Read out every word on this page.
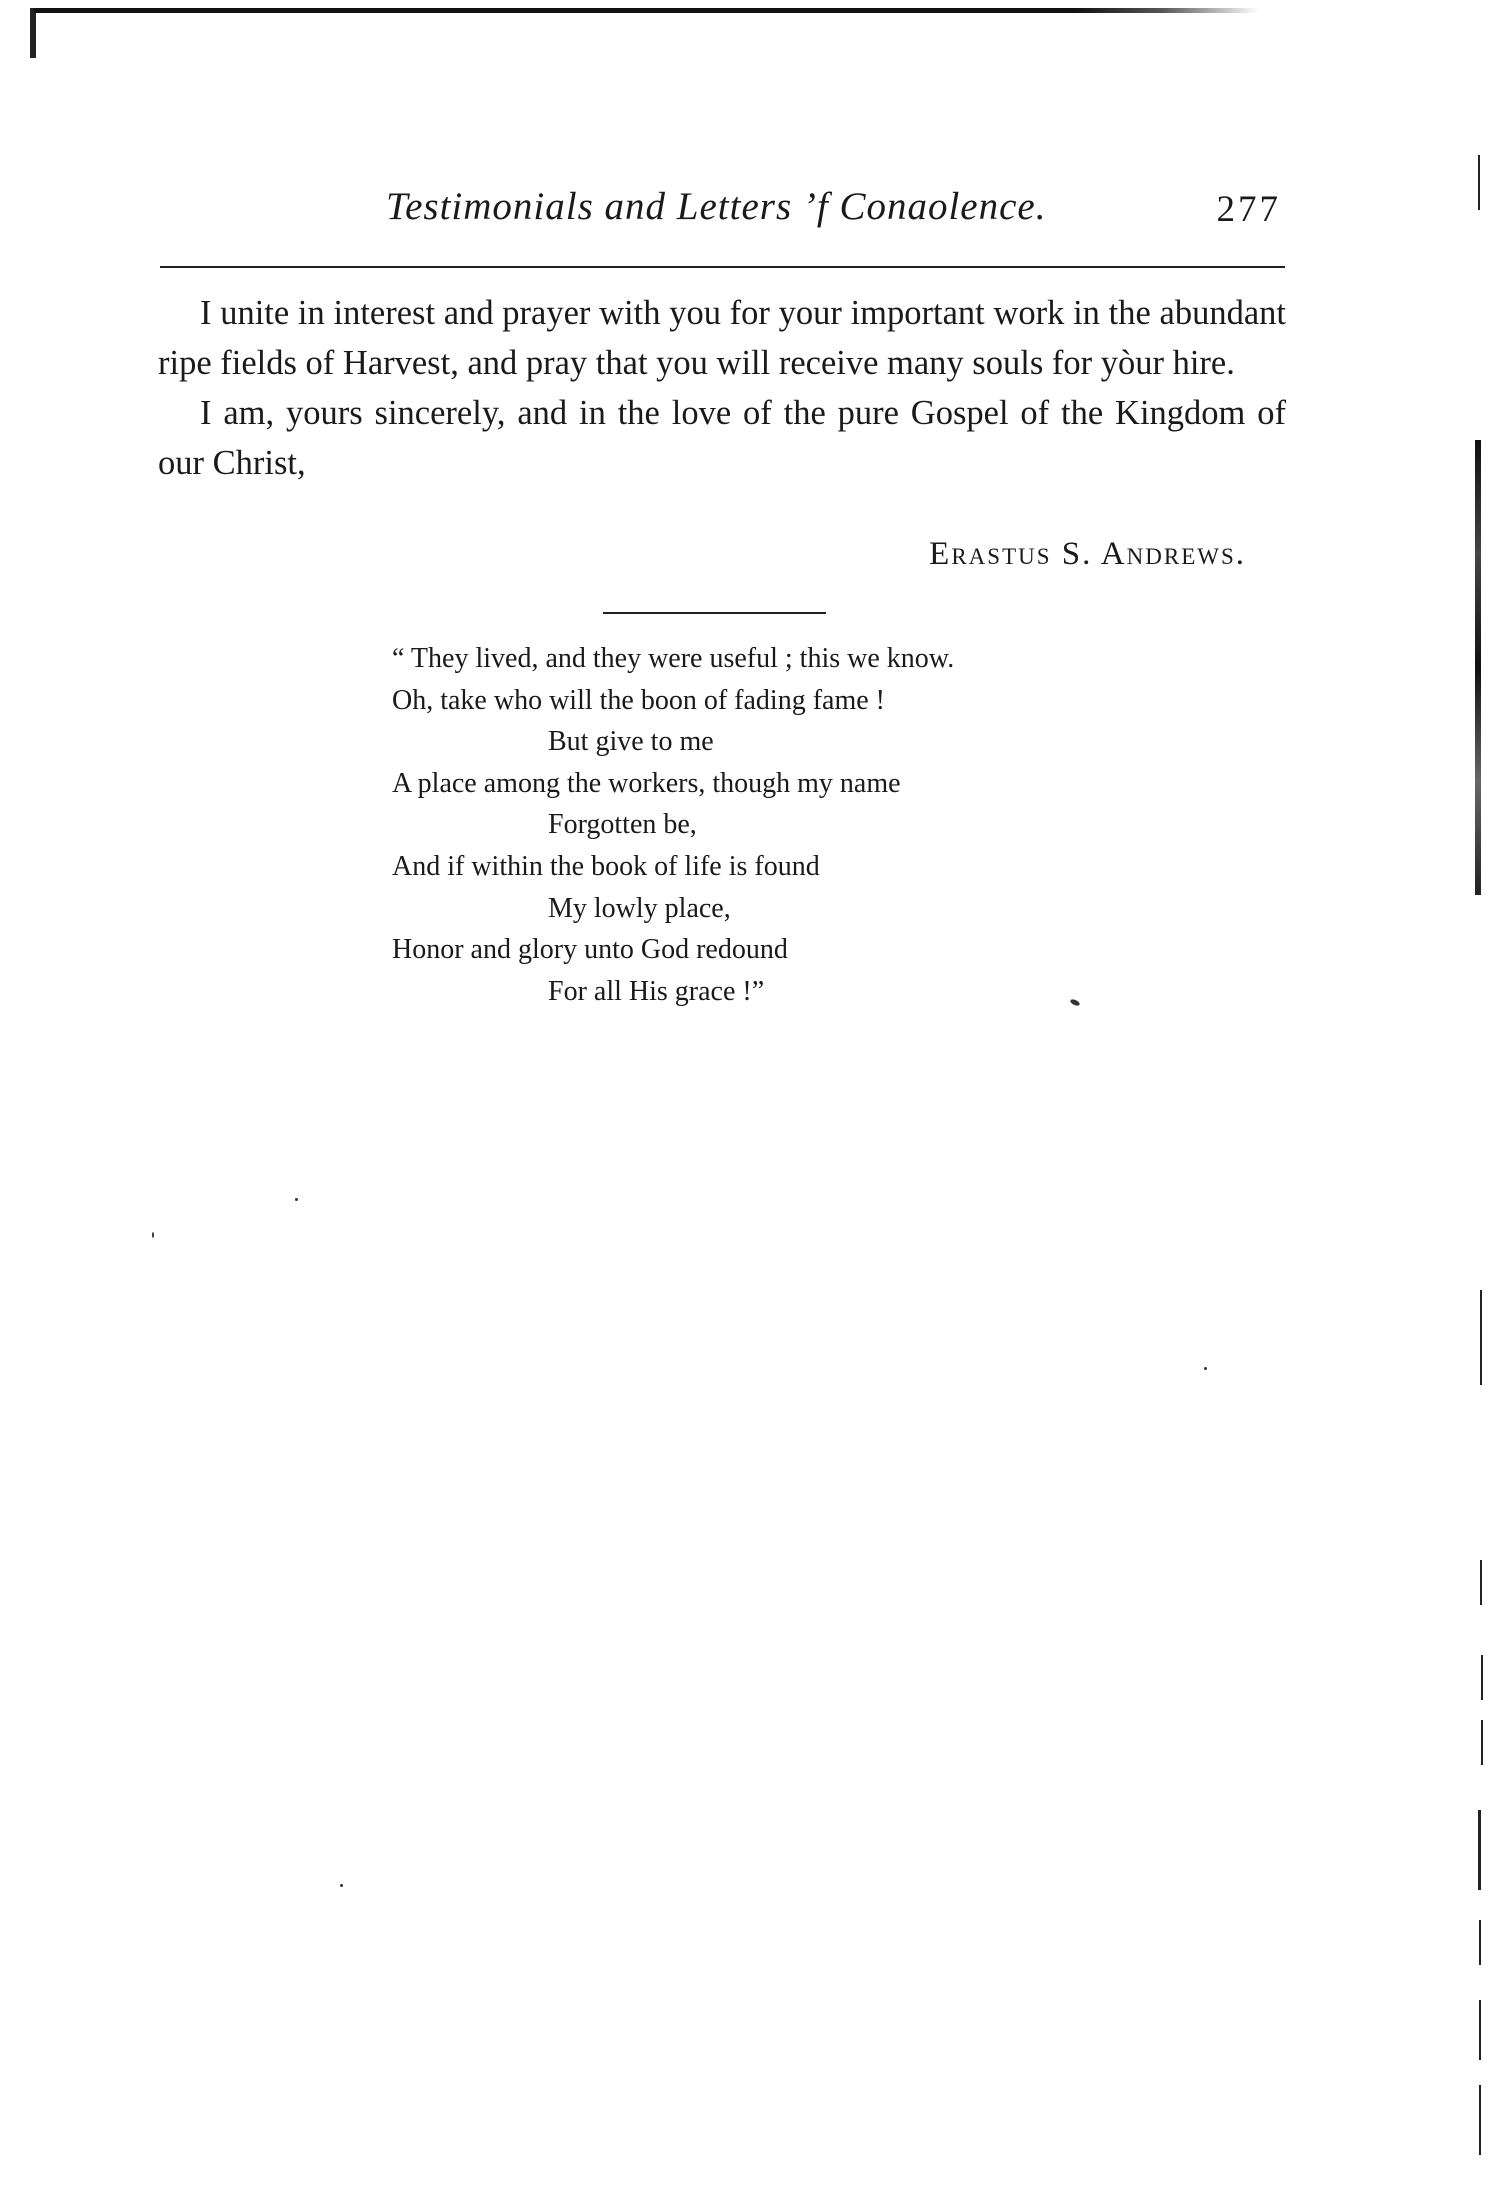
Testimonials and Letters ’f Conaolence.	277

I unite in interest and prayer with you for your important work in the abundant ripe fields of Harvest, and pray that you will receive many souls for yòur hire.

I am, yours sincerely, and in the love of the pure Gospel of the Kingdom of our Christ,

Erastus S. Andrews.
“ They lived, and they were useful ; this we know.
Oh, take who will the boon of fading fame !
But give to me
A place among the workers, though my name
Forgotten be,
And if within the book of life is found
My lowly place,
Honor and glory unto God redound
For all His grace !”
